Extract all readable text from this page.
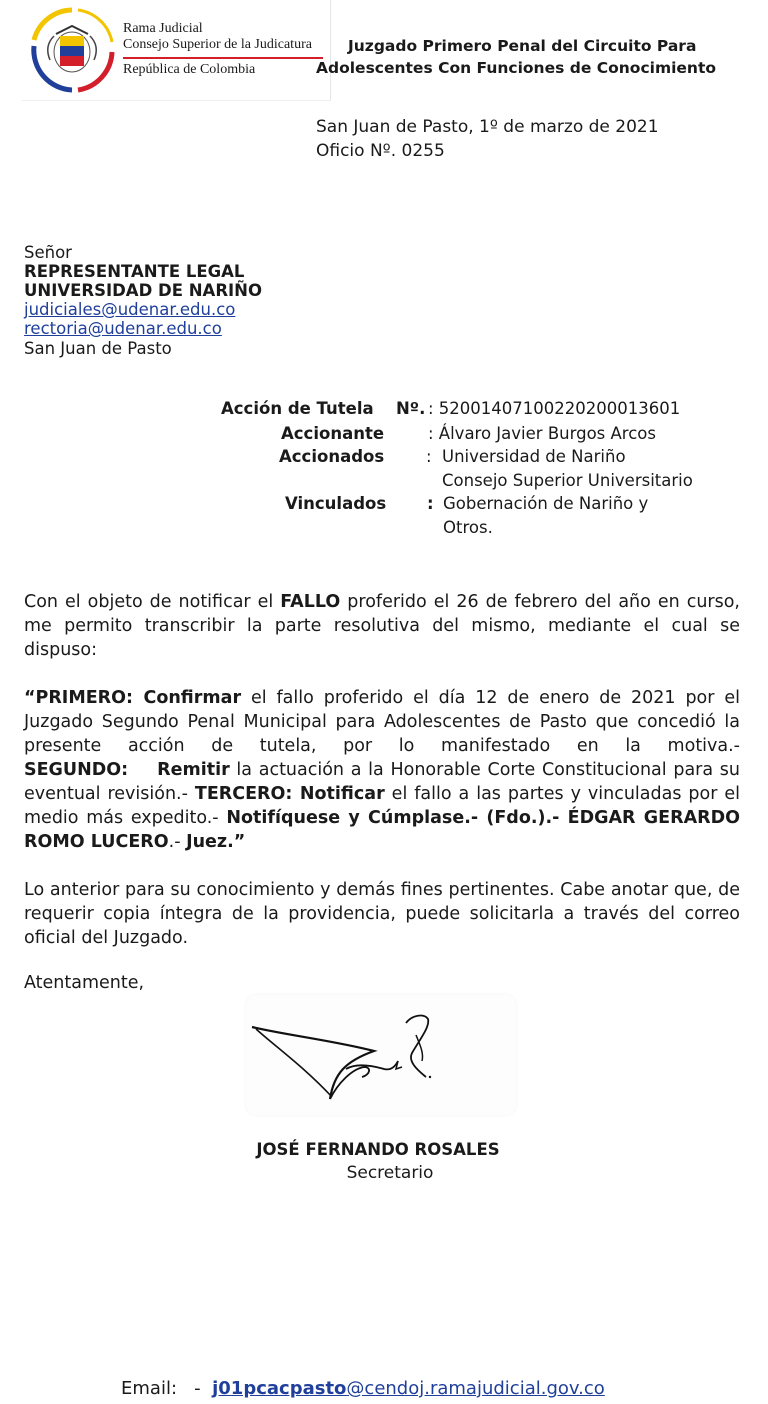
Rama Judicial
Consejo Superior de la Judicatura
República de Colombia
Juzgado Primero Penal del Circuito Para
Adolescentes Con Funciones de Conocimiento
San Juan de Pasto, 1º de marzo de 2021
Oficio Nº. 0255
Señor
REPRESENTANTE LEGAL
UNIVERSIDAD DE NARIÑO
judiciales@udenar.edu.co
rectoria@udenar.edu.co
San Juan de Pasto
Acción de Tutela Nº. : 52001407100220200013601
Accionante	: Álvaro Javier Burgos Arcos
Accionados	: Universidad de Nariño
Consejo Superior Universitario
Vinculados : Gobernación de Nariño y
Otros.
Con el objeto de notificar el FALLO proferido el 26 de febrero del año en curso, me permito transcribir la parte resolutiva del mismo, mediante el cual se dispuso:
“PRIMERO: Confirmar el fallo proferido el día 12 de enero de 2021 por el Juzgado Segundo Penal Municipal para Adolescentes de Pasto que concedió la presente acción de tutela, por lo manifestado en la motiva.- SEGUNDO:    Remitir la actuación a la Honorable Corte Constitucional para su eventual revisión.- TERCERO: Notificar el fallo a las partes y vinculadas por el medio más expedito.- Notifíquese y Cúmplase.- (Fdo.).- ÉDGAR GERARDO ROMO LUCERO.- Juez.”
Lo anterior para su conocimiento y demás fines pertinentes. Cabe anotar que, de requerir copia íntegra de la providencia, puede solicitarla a través del correo oficial del Juzgado.
Atentamente,
JOSÉ FERNANDO ROSALES
Secretario
Email:   -  j01pcacpasto@cendoj.ramajudicial.gov.co
